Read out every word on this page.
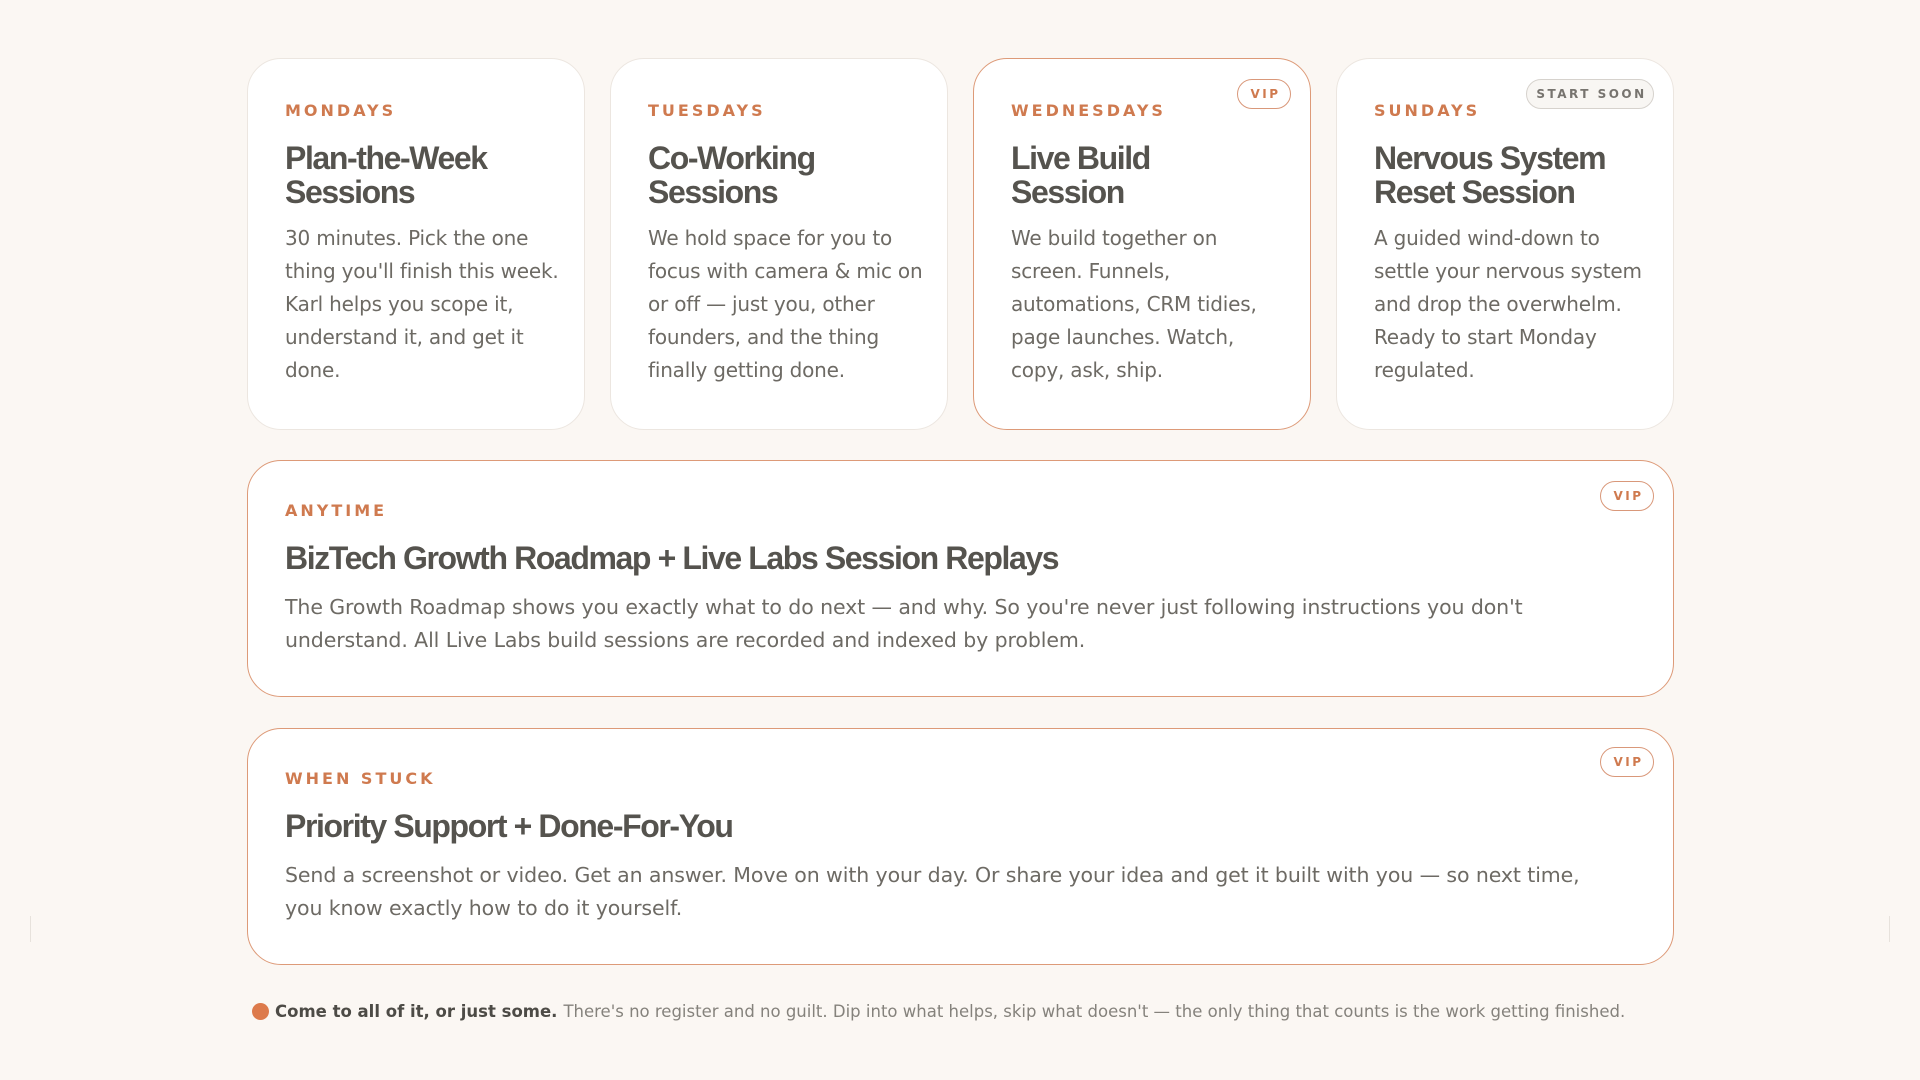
MONDAYS
Plan-the-Week Sessions
30 minutes. Pick the one thing you'll finish this week. Karl helps you scope it, understand it, and get it done.
TUESDAYS
Co-Working Sessions
We hold space for you to focus with camera & mic on or off — just you, other founders, and the thing finally getting done.
VIP
WEDNESDAYS
Live Build Session
We build together on screen. Funnels, automations, CRM tidies, page launches. Watch, copy, ask, ship.
START SOON
SUNDAYS
Nervous System Reset Session
A guided wind-down to settle your nervous system and drop the overwhelm. Ready to start Monday regulated.
VIP
ANYTIME
BizTech Growth Roadmap + Live Labs Session Replays
The Growth Roadmap shows you exactly what to do next — and why. So you're never just following instructions you don't understand. All Live Labs build sessions are recorded and indexed by problem.
VIP
WHEN STUCK
Priority Support + Done-For-You
Send a screenshot or video. Get an answer. Move on with your day. Or share your idea and get it built with you — so next time, you know exactly how to do it yourself.
Come to all of it, or just some. There's no register and no guilt. Dip into what helps, skip what doesn't — the only thing that counts is the work getting finished.
